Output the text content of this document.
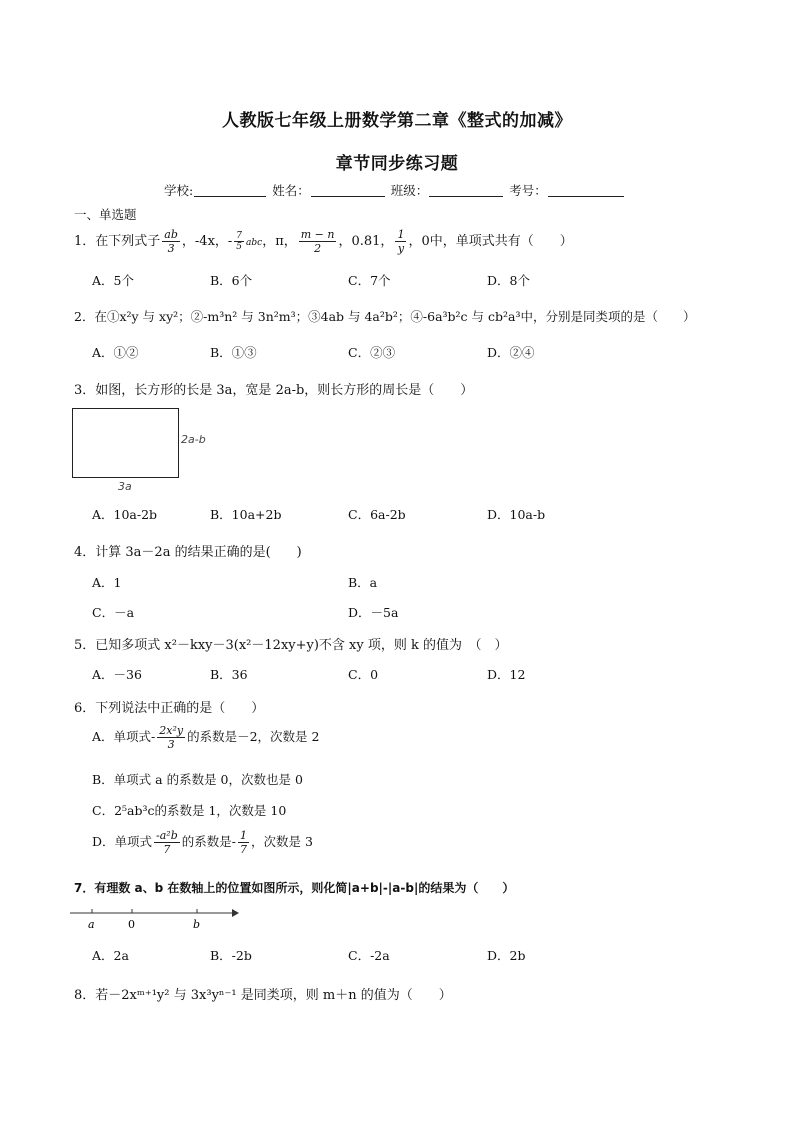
人教版七年级上册数学第二章《整式的加减》
章节同步练习题
学校:	姓名：	班级：	考号：
一、单选题
1．在下列式子 $\frac{ab}{3}$ ，-4x，- $\frac{7}{5}$ abc，π， $\frac{m - n}{2}$ ，0.81， $\frac{1}{y}$ ，0中，单项式共有（　　）
A．5个	B．6个	C．7个	D．8个
2．在①x²y 与 xy²；②-m³n² 与 3n²m³；③4ab 与 4a²b²；④-6a³b²c 与 cb²a³中，分别是同类项的是（　　）
A．①②	B．①③	C．②③	D．②④
3．如图，长方形的长是 3a，宽是 2a-b，则长方形的周长是（　　）
2a-b
3a
A．10a-2b	B．10a+2b	C．6a-2b	D．10a-b
4．计算 3a－2a 的结果正确的是(　　)
A．1	B．a
C．－a	D．－5a
5．已知多项式 x²－kxy－3(x²－12xy+y)不含 xy 项，则 k 的值为　（　）
A．－36	B．36	C．0	D．12
6．下列说法中正确的是（　　）
A．单项式- $\frac{\text{2x²y}}{3}$ 的系数是－2，次数是 2
B．单项式 a 的系数是 0，次数也是 0
C．2⁵ab³c的系数是 1，次数是 10
D．单项式 $\frac{\text{-a²b}}{7}$ 的系数是- $\frac{1}{7}$ ，次数是 3
7．有理数 a、b 在数轴上的位置如图所示，则化简|a+b|-|a-b|的结果为（　　）
a	0	b
A．2a	B．-2b	C．-2a	D．2b
8．若－2xᵐ⁺¹y² 与 3x³yⁿ⁻¹ 是同类项，则 m＋n 的值为（　　）
